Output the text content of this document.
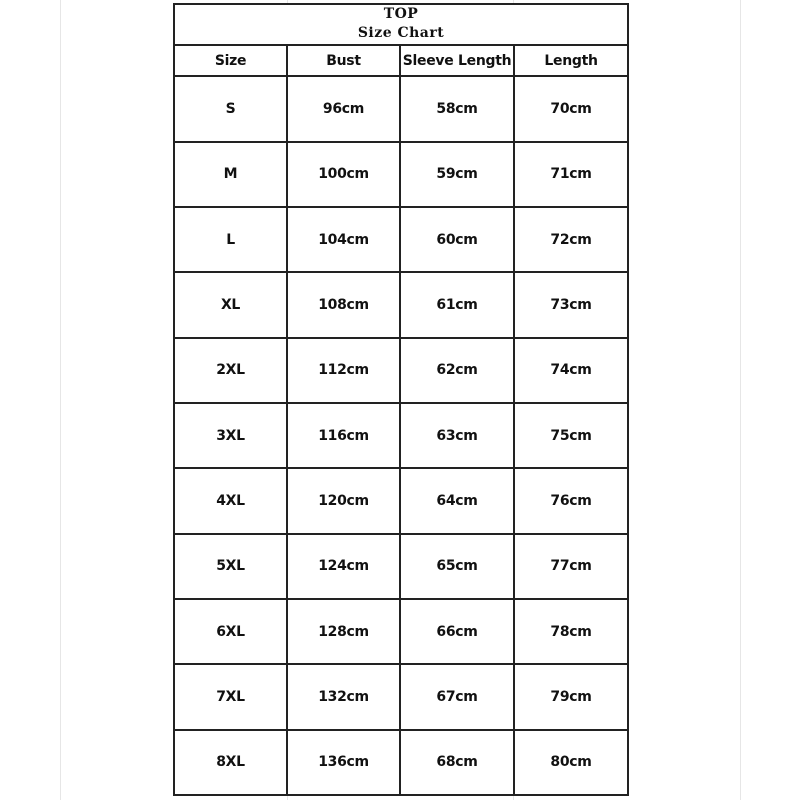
TOP
Size Chart			

Size	Bust	Sleeve Length	Length
S	96cm	58cm	70cm
M	100cm	59cm	71cm
L	104cm	60cm	72cm
XL	108cm	61cm	73cm
2XL	112cm	62cm	74cm
3XL	116cm	63cm	75cm
4XL	120cm	64cm	76cm
5XL	124cm	65cm	77cm
6XL	128cm	66cm	78cm
7XL	132cm	67cm	79cm
8XL	136cm	68cm	80cm
